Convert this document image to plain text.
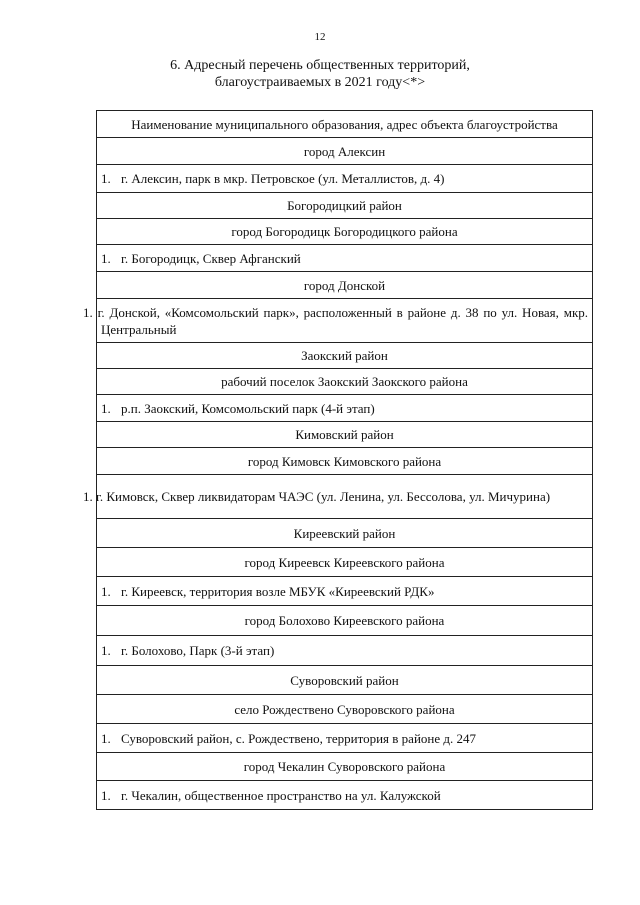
12
6. Адресный перечень общественных территорий,
благоустраиваемых в 2021 году<*>
Наименование муниципального образования, адрес объекта благоустройства
город Алексин
1. г. Алексин, парк в мкр. Петровское (ул. Металлистов, д. 4)
Богородицкий район
город Богородицк Богородицкого района
1. г. Богородицк, Сквер Афганский
город Донской
1. г. Донской, «Комсомольский парк», расположенный в районе д. 38 по ул. Новая, мкр. Центральный
Заокский район
рабочий поселок Заокский Заокского района
1. р.п. Заокский, Комсомольский парк (4-й этап)
Кимовский район
город Кимовск Кимовского района
1. г. Кимовск, Сквер ликвидаторам ЧАЭС (ул. Ленина, ул. Бессолова, ул. Мичурина)
Киреевский район
город Киреевск Киреевского района
1. г. Киреевск, территория возле МБУК «Киреевский РДК»
город Болохово Киреевского района
1. г. Болохово, Парк (3-й этап)
Суворовский район
село Рождествено Суворовского района
1. Суворовский район, с. Рождествено, территория в районе д. 247
город Чекалин Суворовского района
1. г. Чекалин, общественное пространство на ул. Калужской
